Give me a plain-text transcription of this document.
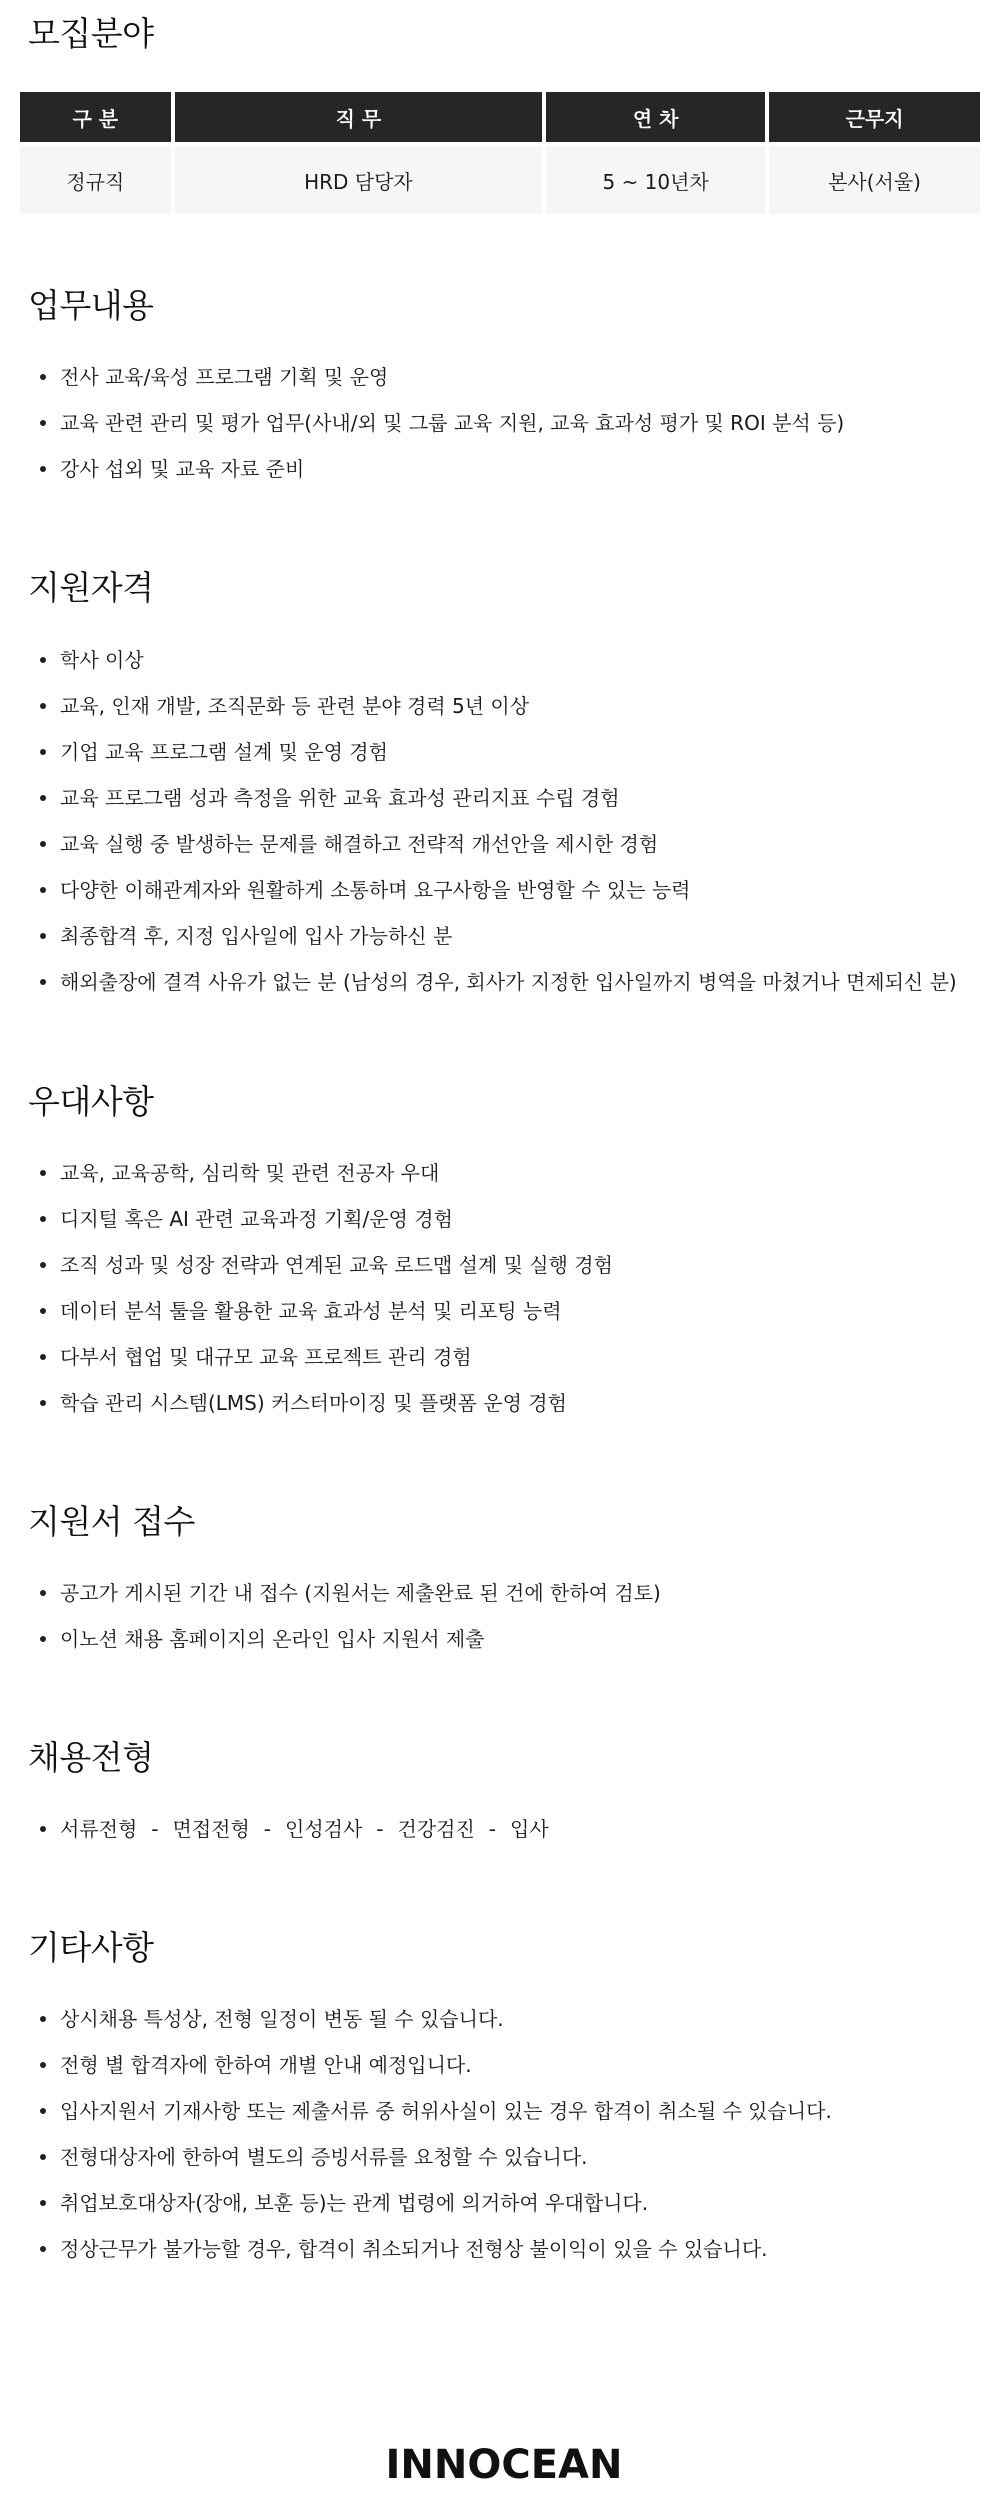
모집분야
구 분	직 무	연 차	근무지

정규직	HRD 담당자	5 ~ 10년차	본사(서울)
업무내용
전사 교육/육성 프로그램 기획 및 운영
교육 관련 관리 및 평가 업무(사내/외 및 그룹 교육 지원, 교육 효과성 평가 및 ROI 분석 등)
강사 섭외 및 교육 자료 준비
지원자격
학사 이상
교육, 인재 개발, 조직문화 등 관련 분야 경력 5년 이상
기업 교육 프로그램 설계 및 운영 경험
교육 프로그램 성과 측정을 위한 교육 효과성 관리지표 수립 경험
교육 실행 중 발생하는 문제를 해결하고 전략적 개선안을 제시한 경험
다양한 이해관계자와 원활하게 소통하며 요구사항을 반영할 수 있는 능력
최종합격 후, 지정 입사일에 입사 가능하신 분
해외출장에 결격 사유가 없는 분 (남성의 경우, 회사가 지정한 입사일까지 병역을 마쳤거나 면제되신 분)
우대사항
교육, 교육공학, 심리학 및 관련 전공자 우대
디지털 혹은 AI 관련 교육과정 기획/운영 경험
조직 성과 및 성장 전략과 연계된 교육 로드맵 설계 및 실행 경험
데이터 분석 툴을 활용한 교육 효과성 분석 및 리포팅 능력
다부서 협업 및 대규모 교육 프로젝트 관리 경험
학습 관리 시스템(LMS) 커스터마이징 및 플랫폼 운영 경험
지원서 접수
공고가 게시된 기간 내 접수 (지원서는 제출완료 된 건에 한하여 검토)
이노션 채용 홈페이지의 온라인 입사 지원서 제출
채용전형
서류전형 - 면접전형 - 인성검사 - 건강검진 - 입사
기타사항
상시채용 특성상, 전형 일정이 변동 될 수 있습니다.
전형 별 합격자에 한하여 개별 안내 예정입니다.
입사지원서 기재사항 또는 제출서류 중 허위사실이 있는 경우 합격이 취소될 수 있습니다.
전형대상자에 한하여 별도의 증빙서류를 요청할 수 있습니다.
취업보호대상자(장애, 보훈 등)는 관계 법령에 의거하여 우대합니다.
정상근무가 불가능할 경우, 합격이 취소되거나 전형상 불이익이 있을 수 있습니다.
INNOCEAN
